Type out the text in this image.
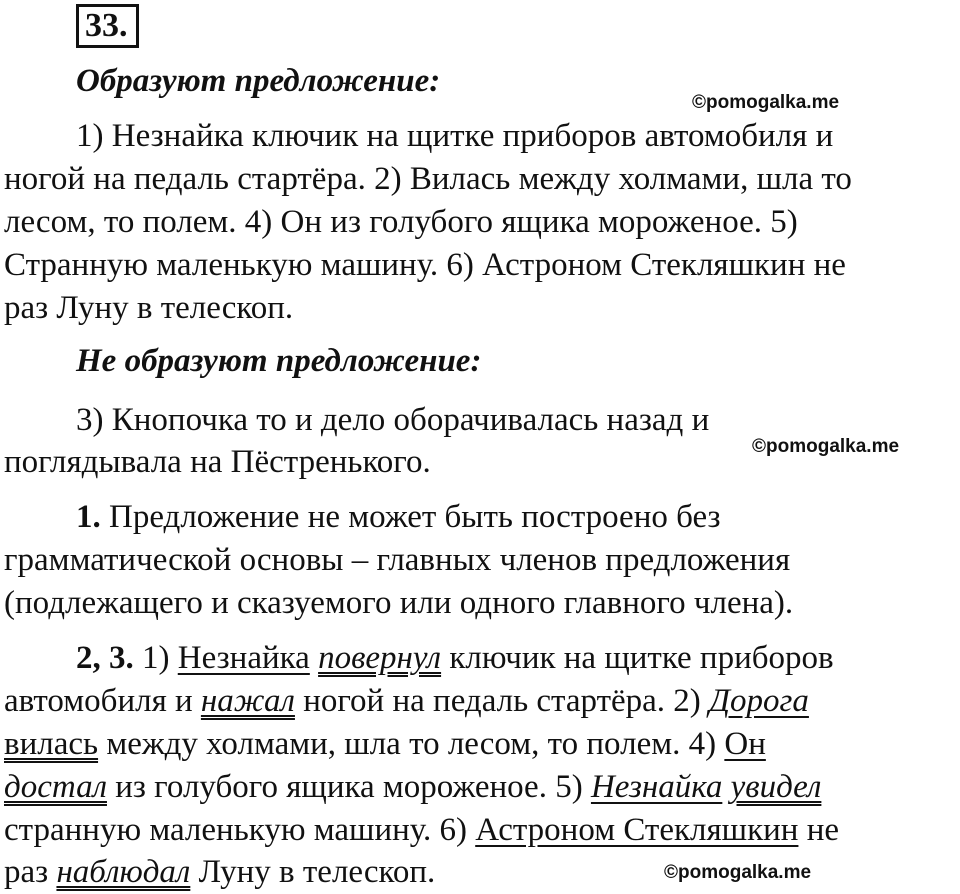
33.
Образуют предложение:
©pomogalka.me
1) Незнайка ключик на щитке приборов автомобиля и
ногой на педаль стартёра. 2) Вилась между холмами, шла то
лесом, то полем. 4) Он из голубого ящика мороженое. 5)
Странную маленькую машину. 6) Астроном Стекляшкин не
раз Луну в телескоп.
Не образуют предложение:
3) Кнопочка то и дело оборачивалась назад и
©pomogalka.me
поглядывала на Пёстренького.
1. Предложение не может быть построено без
грамматической основы – главных членов предложения
(подлежащего и сказуемого или одного главного члена).
2, 3. 1) Незнайка повернул ключик на щитке приборов
автомобиля и нажал ногой на педаль стартёра. 2) Дорога
вилась между холмами, шла то лесом, то полем. 4) Он
достал из голубого ящика мороженое. 5) Незнайка увидел
странную маленькую машину. 6) Астроном Стекляшкин не
раз наблюдал Луну в телескоп.	©pomogalka.me
